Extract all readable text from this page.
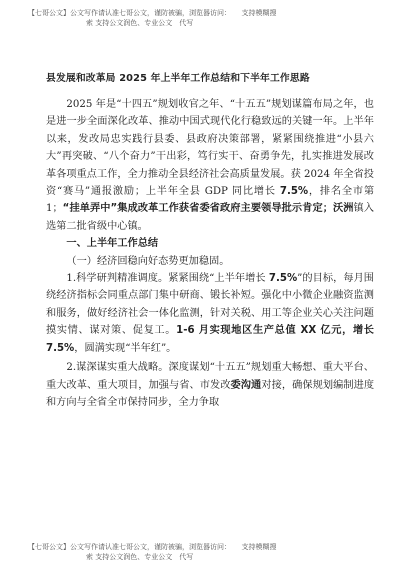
【七哥公文】公文写作请认准七哥公文，谨防被骗，浏览器访问：　　支持模糊搜
索 支持公文润色、专业公文　代写
县发展和改革局 2025 年上半年工作总结和下半年工作思路

2025 年是“十四五”规划收官之年、“十五五”规划谋篇布局之年，也是进一步全面深化改革、推动中国式现代化行稳致远的关键一年。上半年以来，发改局忠实践行县委、县政府决策部署，紧紧围绕推进“小县六大”再突破、“八个奋力”干出彩，笃行实干、奋勇争先，扎实推进发展改革各项重点工作，全力推动全县经济社会高质量发展。获 2024 年全省投资“赛马”通报激励；上半年全县 GDP 同比增长 7.5%，排名全市第 1；“挂单弄中”集成改革工作获省委省政府主要领导批示肯定；沃洲镇入选第二批省级中心镇。

一、上半年工作总结

（一）经济回稳向好态势更加稳固。

1.科学研判精准调度。紧紧围绕“上半年增长 7.5%”的目标，每月围绕经济指标会同重点部门集中研商、锻长补短。强化中小微企业融资监测和服务，做好经济社会一体化监测，针对关税、用工等企业关心关注问题摸实情、谋对策、促复工。1-6 月实现地区生产总值 XX 亿元，增长 7.5%，圆满实现“半年红”。

2.谋深谋实重大战略。深度谋划“十五五”规划重大畅想、重大平台、重大改革、重大项目，加强与省、市发改委沟通对接，确保规划编制进度和方向与全省全市保持同步，全力争取

【七哥公文】公文写作请认准七哥公文，谨防被骗，浏览器访问：　　支持模糊搜
索 支持公文润色、专业公文　代写
